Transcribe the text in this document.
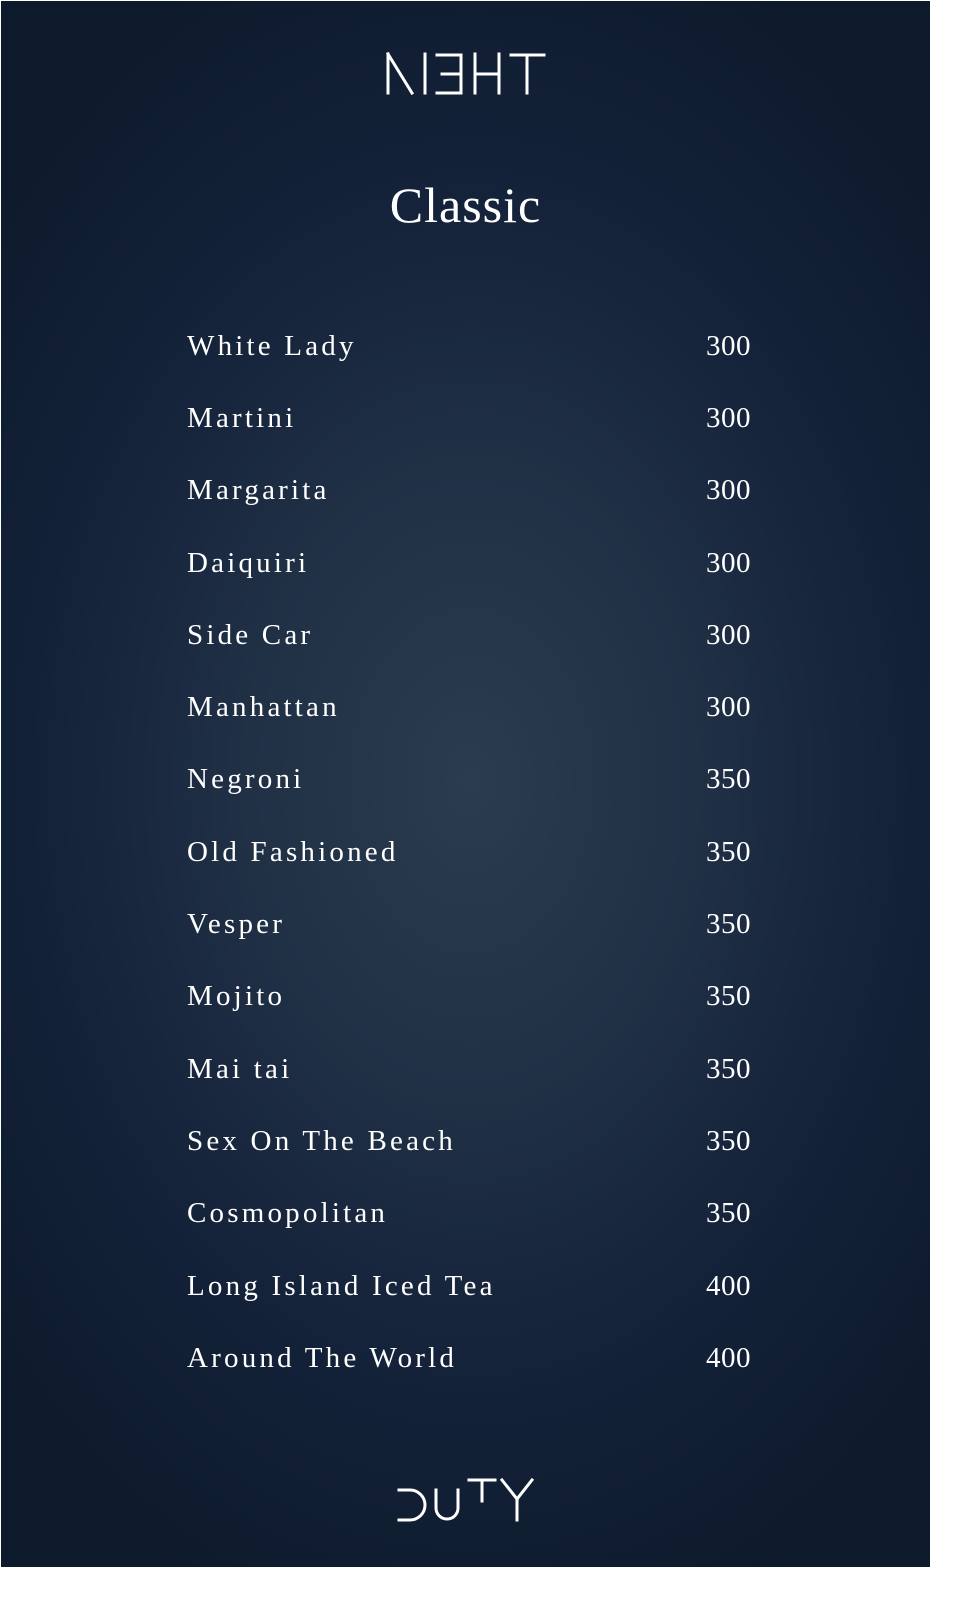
Classic
White Lady	300
Martini	300
Margarita	300
Daiquiri	300
Side Car	300
Manhattan	300
Negroni	350
Old Fashioned	350
Vesper	350
Mojito	350
Mai tai	350
Sex On The Beach	350
Cosmopolitan	350
Long Island Iced Tea	400
Around The World	400
